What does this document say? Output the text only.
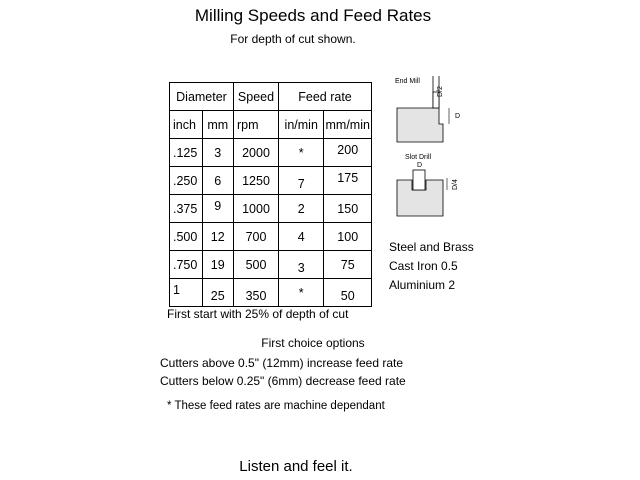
Milling Speeds and Feed Rates
For depth of cut shown.
Diameter		Speed	Feed rate	
inch	mm	rpm	in/min	mm/min
.125	3	2000	*	200
.250	6	1250	7	175
.375	9	1000	2	150
.500	12	700	4	100
.750	19	500	3	75
1	25	350	*	50
End Mill
D/2
D
Slot Drill
D
D/4
Steel and Brass
Cast Iron 0.5
Aluminium 2
First start with 25% of depth of cut
First choice options
Cutters above 0.5" (12mm) increase feed rate
Cutters below 0.25" (6mm) decrease feed rate
* These feed rates are machine dependant
Listen and feel it.
